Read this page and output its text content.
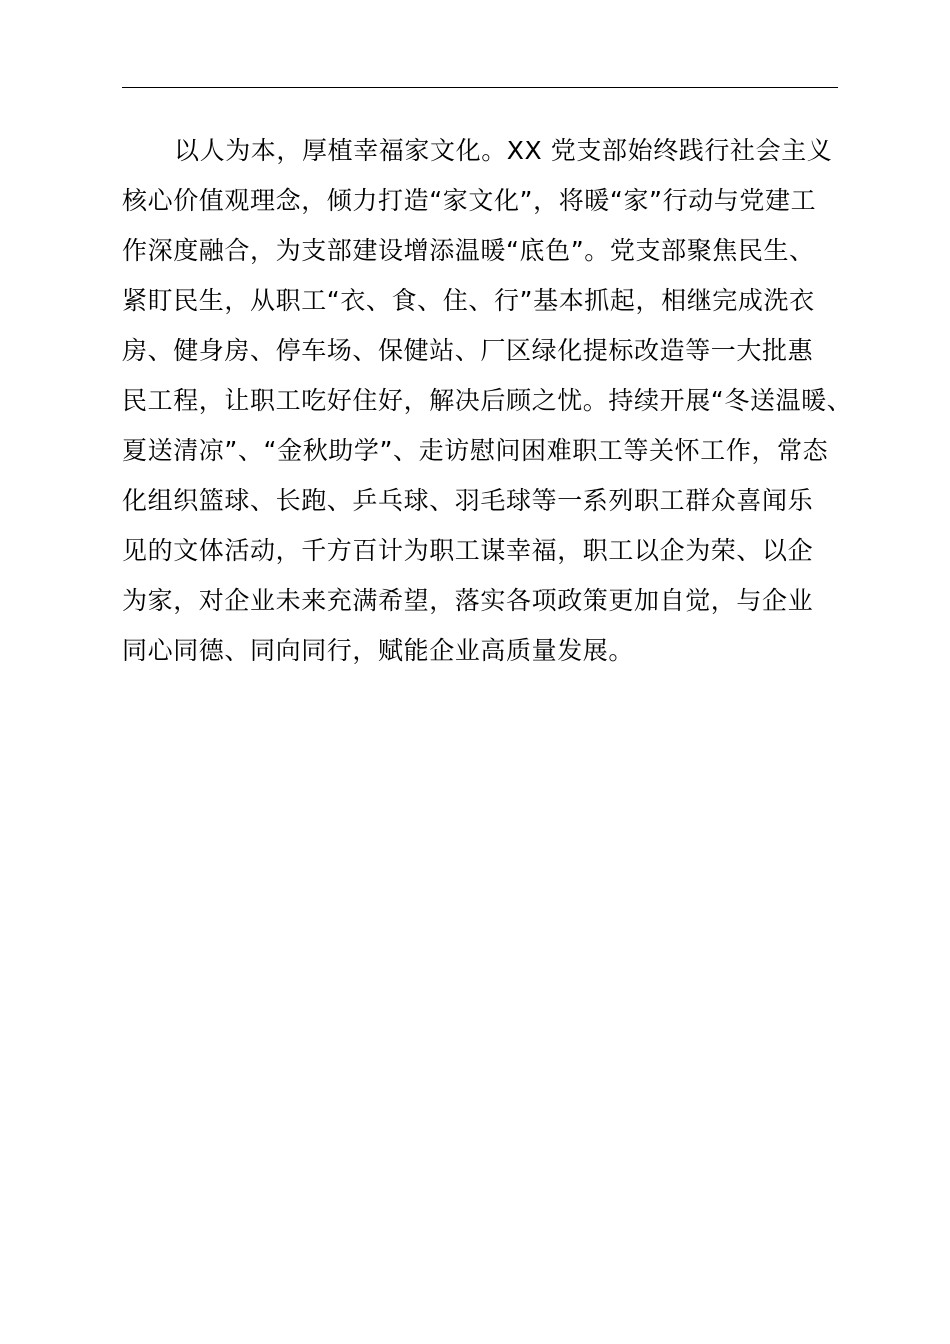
以人为本，厚植幸福家文化。XX 党支部始终践行社会主义
核心价值观理念，倾力打造“家文化”，将暖“家”行动与党建工
作深度融合，为支部建设增添温暖“底色”。党支部聚焦民生、
紧盯民生，从职工“衣、食、住、行”基本抓起，相继完成洗衣
房、健身房、停车场、保健站、厂区绿化提标改造等一大批惠
民工程，让职工吃好住好，解决后顾之忧。持续开展“冬送温暖、
夏送清凉”、“金秋助学”、走访慰问困难职工等关怀工作，常态
化组织篮球、长跑、乒乓球、羽毛球等一系列职工群众喜闻乐
见的文体活动，千方百计为职工谋幸福，职工以企为荣、以企
为家，对企业未来充满希望，落实各项政策更加自觉，与企业
同心同德、同向同行，赋能企业高质量发展。
